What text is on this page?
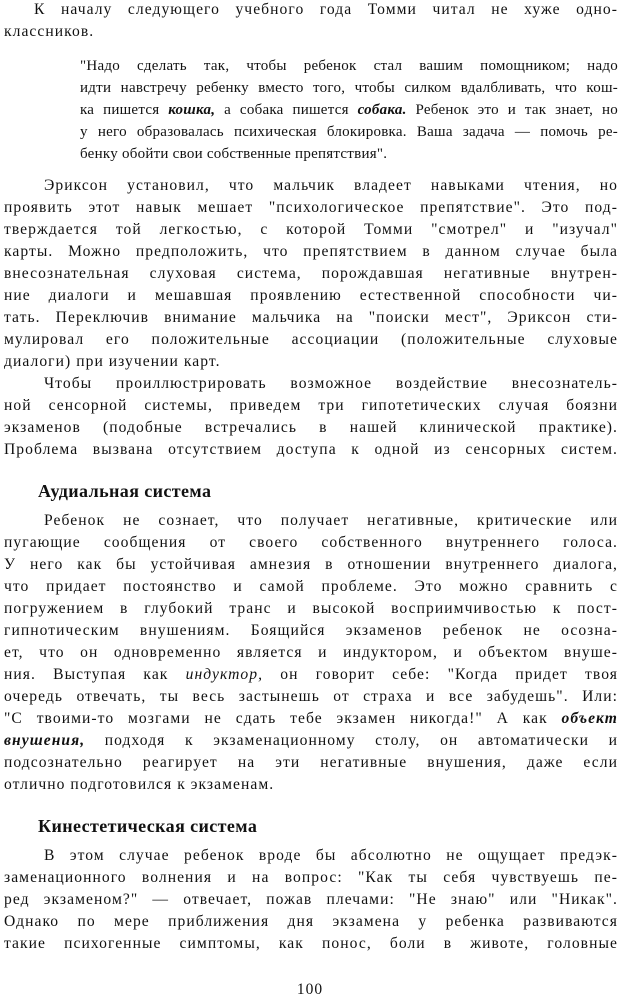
К началу следующего учебного года Томми читал не хуже одно-
классников.
"Надо сделать так, чтобы ребенок стал вашим помощником; надо
идти навстречу ребенку вместо того, чтобы силком вдалбливать, что кош-
ка пишется кошка, а собака пишется собака. Ребенок это и так знает, но
у него образовалась психическая блокировка. Ваша задача — помочь ре-
бенку обойти свои собственные препятствия".
Эриксон установил, что мальчик владеет навыками чтения, но
проявить этот навык мешает "психологическое препятствие". Это под-
тверждается той легкостью, с которой Томми "смотрел" и "изучал"
карты. Можно предположить, что препятствием в данном случае была
внесознательная слуховая система, порождавшая негативные внутрен-
ние диалоги и мешавшая проявлению естественной способности чи-
тать. Переключив внимание мальчика на "поиски мест", Эриксон сти-
мулировал его положительные ассоциации (положительные слуховые
диалоги) при изучении карт.
Чтобы проиллюстрировать возможное воздействие внесознатель-
ной сенсорной системы, приведем три гипотетических случая боязни
экзаменов (подобные встречались в нашей клинической практике).
Проблема вызвана отсутствием доступа к одной из сенсорных систем.
Аудиальная система
Ребенок не сознает, что получает негативные, критические или
пугающие сообщения от своего собственного внутреннего голоса.
У него как бы устойчивая амнезия в отношении внутреннего диалога,
что придает постоянство и самой проблеме. Это можно сравнить с
погружением в глубокий транс и высокой восприимчивостью к пост-
гипнотическим внушениям. Боящийся экзаменов ребенок не осозна-
ет, что он одновременно является и индуктором, и объектом внуше-
ния. Выступая как индуктор, он говорит себе: "Когда придет твоя
очередь отвечать, ты весь застынешь от страха и все забудешь". Или:
"С твоими-то мозгами не сдать тебе экзамен никогда!" А как объект
внушения, подходя к экзаменационному столу, он автоматически и
подсознательно реагирует на эти негативные внушения, даже если
отлично подготовился к экзаменам.
Кинестетическая система
В этом случае ребенок вроде бы абсолютно не ощущает предэк-
заменационного волнения и на вопрос: "Как ты себя чувствуешь пе-
ред экзаменом?" — отвечает, пожав плечами: "Не знаю" или "Никак".
Однако по мере приближения дня экзамена у ребенка развиваются
такие психогенные симптомы, как понос, боли в животе, головные
100
